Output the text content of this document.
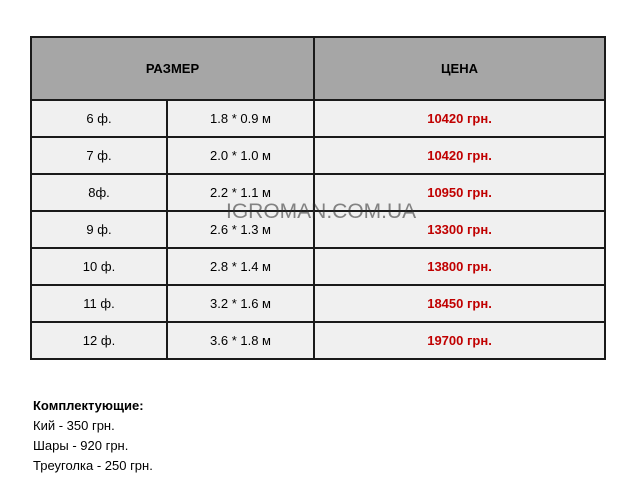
РАЗМЕР		ЦЕНА
6 ф.	1.8 * 0.9 м	10420 грн.
7 ф.	2.0 * 1.0 м	10420 грн.
8ф.	2.2 * 1.1 м	10950 грн.
9 ф.	2.6 * 1.3 м	13300 грн.
10 ф.	2.8 * 1.4 м	13800 грн.
11 ф.	3.2 * 1.6 м	18450 грн.
12 ф.	3.6 * 1.8 м	19700 грн.
IGROMAN.COM.UA
Комплектующие:
Кий - 350 грн.
Шары - 920 грн.
Треуголка - 250 грн.
